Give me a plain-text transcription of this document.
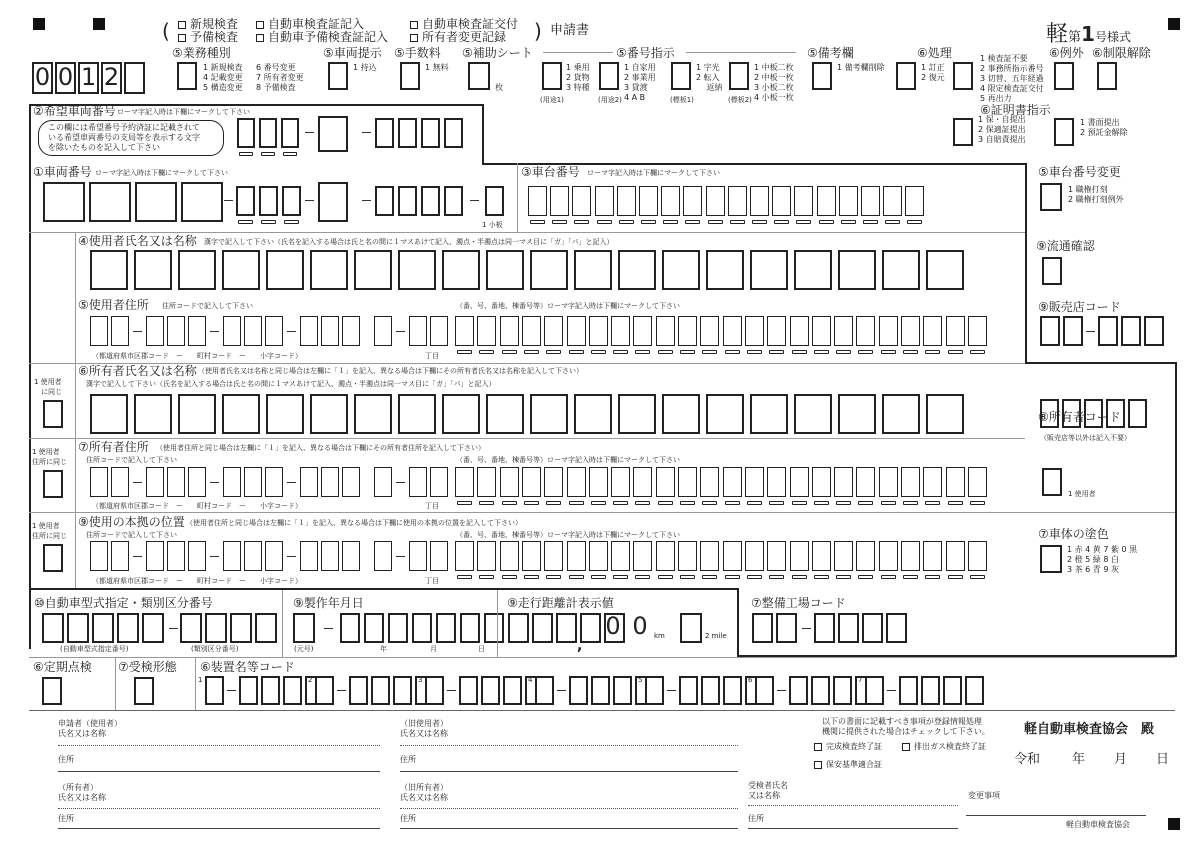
0 0 1 2
1	2	3	4	5	6	7
(	)
新規検査 自動車検査証記入	自動車検査証交付
予備検査 自動車予備検査証記入	所有者変更記録	申請書	軽第1号様式
⑤業務種別
1 新規検査
4 記載変更
5 構造変更
6 番号変更
7 所有者変更
8 予備検査
⑤車両提示
1 持込
⑤手数料
1 無料
⑤補助シート
枚
⑤番号指示
1 乗用
2 貨物
3 特種
(用途1)
1 自家用
2 事業用
3 貸渡
4 A B
(用途2)
1 字光
2 転入
　 返納
(標板1)
1 中板二枚
2 中板一枚
3 小板二枚
4 小板一枚
(標板2)
⑤備考欄
1 備考欄削除
⑥処理
1 訂正
2 復元
1 検査証不要
2 事務所指示番号
3 切替、五年経過
4 限定検査証交付
5 再出力
⑥例外 ⑥制限解除
⑥証明書指示
1 保・自提出
2 保適証提出
3 自賠責提出
1 書面提出
2 預託金解除
②希望車両番号 ローマ字記入時は下欄にマークして下さい
この欄には希望番号予約済証に記載されて
いる希望車両番号の支局等を表示する文字
を除いたものを記入して下さい
①車両番号 ローマ字記入時は下欄にマークして下さい
1 小板
③車台番号 ローマ字記入時は下欄にマークして下さい	⑤車台番号変更
1 職権打刻
2 職権打刻例外
④使用者氏名又は名称 漢字で記入して下さい（氏名を記入する場合は氏と名の間に１マスあけて記入、濁点・半濁点は同一マス目に「ガ」「パ」と記入）	⑨流通確認
⑨販売店コード
⑤使用者住所 住所コードで記入して下さい	（番、号、番地、棟番号等）ローマ字記入時は下欄にマークして下さい
（都道府県市区郡コード　ー　　町村コード　ー　　小字コード）	丁目
⑥所有者氏名又は名称 （使用者氏名又は名称と同じ場合は左欄に「１」を記入、異なる場合は下欄にその所有者氏名又は名称を記入して下さい）
漢字で記入して下さい（氏名を記入する場合は氏と名の間に１マスあけて記入、濁点・半濁点は同一マス目に「ガ」「パ」と記入）
1 使用者
　に同じ
⑧所有者コード
（販売店等以外は記入不要）
1 使用者
⑦所有者住所 （使用者住所と同じ場合は左欄に「１」を記入、異なる場合は下欄にその所有者住所を記入して下さい）
住所コードで記入して下さい	（番、号、番地、棟番号等）ローマ字記入時は下欄にマークして下さい
1 使用者
住所に同じ
（都道府県市区郡コード　ー　　町村コード　ー　　小字コード）	丁目
⑨使用の本拠の位置 （使用者住所と同じ場合は左欄に「１」を記入、異なる場合は下欄に使用の本拠の位置を記入して下さい）
住所コードで記入して下さい	（番、号、番地、棟番号等）ローマ字記入時は下欄にマークして下さい
1 使用者
住所に同じ
（都道府県市区郡コード　ー　　町村コード　ー　　小字コード）	丁目
⑦車体の塗色
1 赤 4 黄 7 紫 0 黒
2 橙 5 緑 8 白
3 茶 6 青 9 灰
⑩自動車型式指定・類別区分番号
(自動車型式指定番号)	(類別区分番号)
⑨製作年月日
(元号)	年	月	日
⑨走行距離計表示値
0 0 km	2 mile
,
⑦整備工場コード
⑥定期点検 ⑦受検形態 ⑥装置名等コード
申請者（使用者）
氏名又は名称
住所
（旧使用者）
氏名又は名称
住所
（所有者）
氏名又は名称
住所
（旧所有者）
氏名又は名称
住所
受検者氏名
又は名称
住所
以下の書面に記載すべき事項が登録情報処理
機関に提供された場合はチェックして下さい。
完成検査終了証	排出ガス検査終了証
保安基準適合証
軽自動車検査協会　殿
令和 年 月 日
変更事項
軽自動車検査協会
